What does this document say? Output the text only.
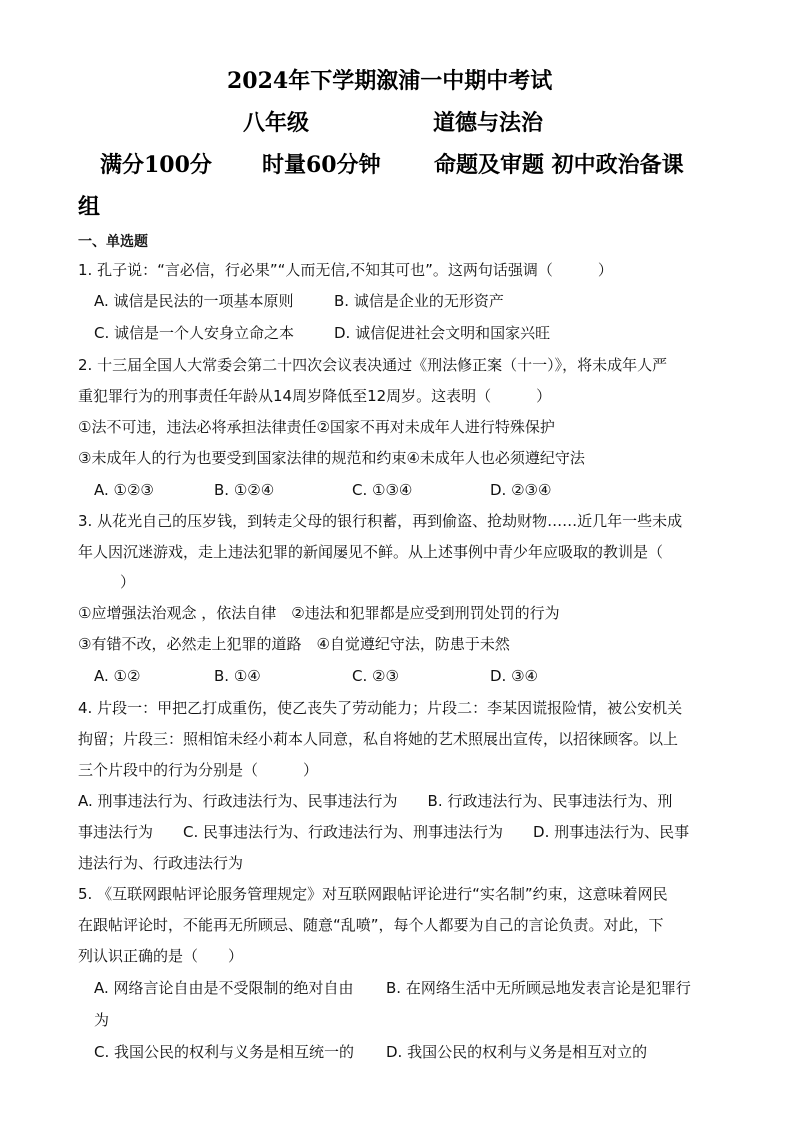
2024年下学期溆浦一中期中考试
八年级	道德与法治
满分100分 时量60分钟 命题及审题 初中政治备课
组
一、单选题
1. 孔子说：“言必信，行必果”“人而无信,不知其可也”。这两句话强调（　　　）
A. 诚信是民法的一项基本原则	B. 诚信是企业的无形资产
C. 诚信是一个人安身立命之本	D. 诚信促进社会文明和国家兴旺
2. 十三届全国人大常委会第二十四次会议表决通过《刑法修正案（十一）》，将未成年人严
重犯罪行为的刑事责任年龄从14周岁降低至12周岁。这表明（　　　）
①法不可违，违法必将承担法律责任②国家不再对未成年人进行特殊保护
③未成年人的行为也要受到国家法律的规范和约束④未成年人也必须遵纪守法
A. ①②③	B. ①②④	C. ①③④	D. ②③④
3. 从花光自己的压岁钱，到转走父母的银行积蓄，再到偷盗、抢劫财物……近几年一些未成
年人因沉迷游戏，走上违法犯罪的新闻屡见不鲜。从上述事例中青少年应吸取的教训是（
）
①应增强法治观念 ，依法自律　②违法和犯罪都是应受到刑罚处罚的行为
③有错不改，必然走上犯罪的道路　④自觉遵纪守法，防患于未然
A. ①②	B. ①④	C. ②③	D. ③④
4. 片段一：甲把乙打成重伤，使乙丧失了劳动能力；片段二：李某因谎报险情，被公安机关
拘留；片段三：照相馆未经小莉本人同意，私自将她的艺术照展出宣传，以招徕顾客。以上
三个片段中的行为分别是（　　　）
A. 刑事违法行为、行政违法行为、民事违法行为　　B. 行政违法行为、民事违法行为、刑
事违法行为　　C. 民事违法行为、行政违法行为、刑事违法行为　　D. 刑事违法行为、民事
违法行为、行政违法行为
5. 《互联网跟帖评论服务管理规定》对互联网跟帖评论进行“实名制”约束，这意味着网民
在跟帖评论时，不能再无所顾忌、随意“乱喷”，每个人都要为自己的言论负责。对此，下
列认识正确的是（　　）
A. 网络言论自由是不受限制的绝对自由 B. 在网络生活中无所顾忌地发表言论是犯罪行
为
C. 我国公民的权利与义务是相互统一的 D. 我国公民的权利与义务是相互对立的
